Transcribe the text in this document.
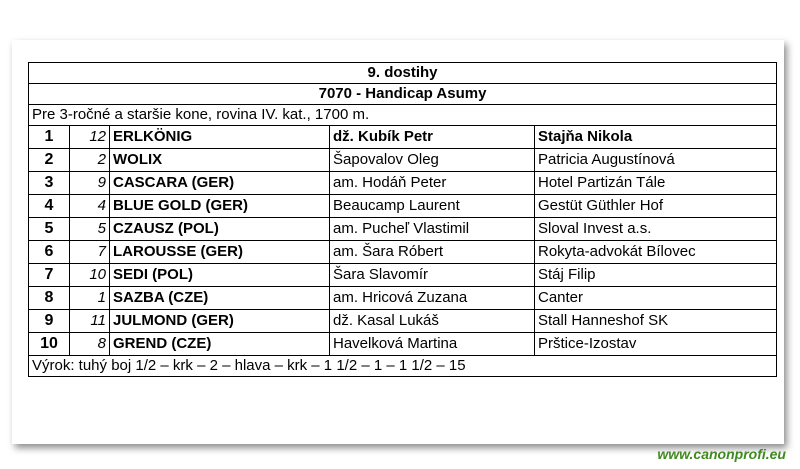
9. dostihy				
7070 - Handicap Asumy				
Pre 3-ročné a staršie kone, rovina IV. kat., 1700 m.				
1	12	ERLKÖNIG	dž. Kubík Petr	Stajňa Nikola
2	2	WOLIX	Šapovalov Oleg	Patricia Augustínová
3	9	CASCARA (GER)	am. Hodáň Peter	Hotel Partizán Tále
4	4	BLUE GOLD (GER)	Beaucamp Laurent	Gestüt Güthler Hof
5	5	CZAUSZ (POL)	am. Pucheľ Vlastimil	Sloval Invest a.s.
6	7	LAROUSSE (GER)	am. Šara Róbert	Rokyta-advokát Bílovec
7	10	SEDI (POL)	Šara Slavomír	Stáj Filip
8	1	SAZBA (CZE)	am. Hricová Zuzana	Canter
9	11	JULMOND (GER)	dž. Kasal Lukáš	Stall Hanneshof SK
10	8	GREND (CZE)	Havelková Martina	Prštice-Izostav
Výrok: tuhý boj 1/2 – krk – 2 – hlava – krk – 1 1/2 – 1 – 1 1/2 – 15				
www.canonprofi.eu
